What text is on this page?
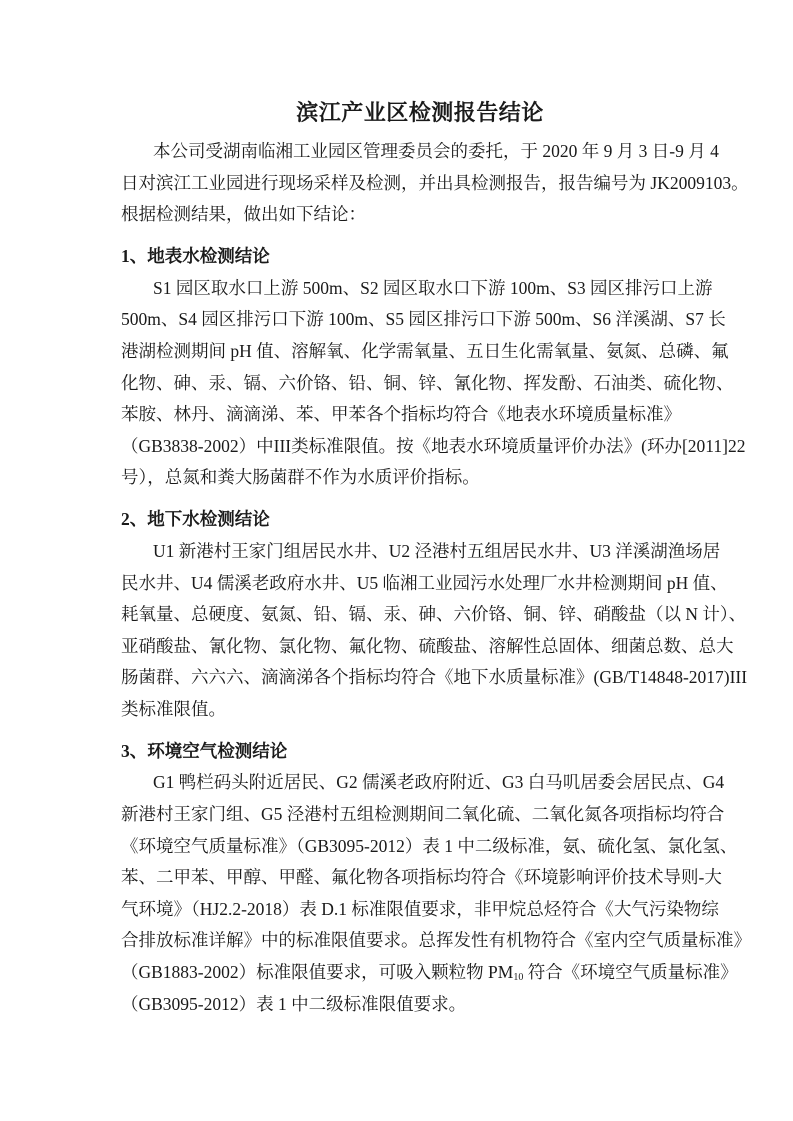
滨江产业区检测报告结论
本公司受湖南临湘工业园区管理委员会的委托，于 2020 年 9 月 3 日-9 月 4
日对滨江工业园进行现场采样及检测，并出具检测报告，报告编号为 JK2009103。
根据检测结果，做出如下结论：
1、地表水检测结论
S1 园区取水口上游 500m、S2 园区取水口下游 100m、S3 园区排污口上游
500m、S4 园区排污口下游 100m、S5 园区排污口下游 500m、S6 洋溪湖、S7 长
港湖检测期间 pH 值、溶解氧、化学需氧量、五日生化需氧量、氨氮、总磷、氟
化物、砷、汞、镉、六价铬、铅、铜、锌、氰化物、挥发酚、石油类、硫化物、
苯胺、林丹、滴滴涕、苯、甲苯各个指标均符合《地表水环境质量标准》
（GB3838-2002）中III类标准限值。按《地表水环境质量评价办法》(环办[2011]22
号），总氮和粪大肠菌群不作为水质评价指标。
2、地下水检测结论
U1 新港村王家门组居民水井、U2 泾港村五组居民水井、U3 洋溪湖渔场居
民水井、U4 儒溪老政府水井、U5 临湘工业园污水处理厂水井检测期间 pH 值、
耗氧量、总硬度、氨氮、铅、镉、汞、砷、六价铬、铜、锌、硝酸盐（以 N 计）、
亚硝酸盐、氰化物、氯化物、氟化物、硫酸盐、溶解性总固体、细菌总数、总大
肠菌群、六六六、滴滴涕各个指标均符合《地下水质量标准》(GB/T14848-2017)III
类标准限值。
3、环境空气检测结论
G1 鸭栏码头附近居民、G2 儒溪老政府附近、G3 白马叽居委会居民点、G4
新港村王家门组、G5 泾港村五组检测期间二氧化硫、二氧化氮各项指标均符合
《环境空气质量标准》（GB3095-2012）表 1 中二级标准，氨、硫化氢、氯化氢、
苯、二甲苯、甲醇、甲醛、氟化物各项指标均符合《环境影响评价技术导则-大
气环境》（HJ2.2-2018）表 D.1 标准限值要求，非甲烷总烃符合《大气污染物综
合排放标准详解》中的标准限值要求。总挥发性有机物符合《室内空气质量标准》
（GB1883-2002）标准限值要求，可吸入颗粒物 $PM_{10}$ 符合《环境空气质量标准》
（GB3095-2012）表 1 中二级标准限值要求。
